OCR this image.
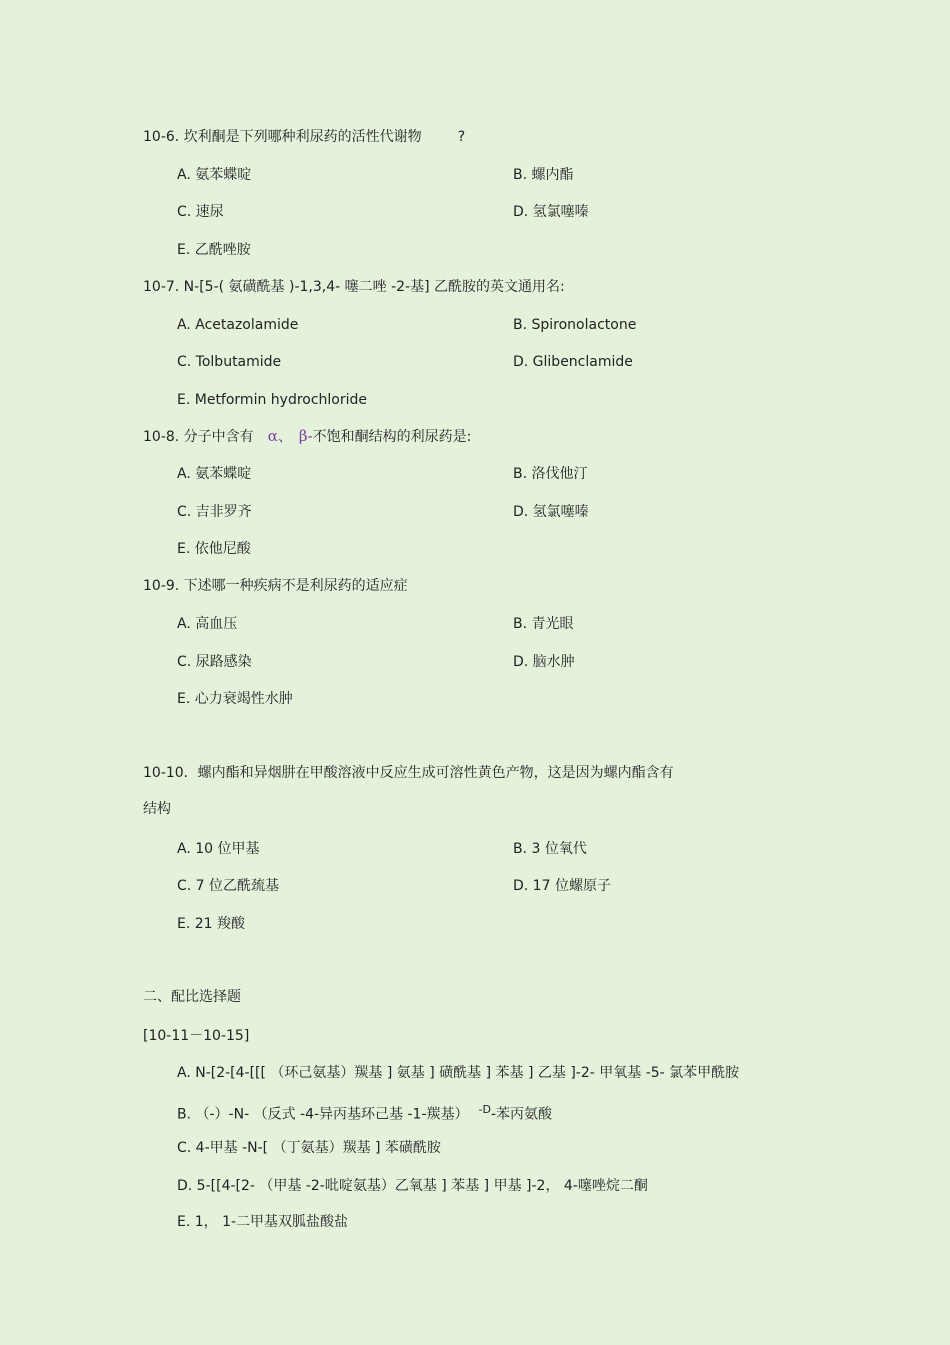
10-6. 坎利酮是下列哪种利尿药的活性代谢物	?
A. 氨苯蝶啶	B. 螺内酯
C. 速尿	D. 氢氯噻嗪
E. 乙酰唑胺
10-7. N-[5-( 氨磺酰基 )-1,3,4- 噻二唑 -2-基] 乙酰胺的英文通用名:
A. Acetazolamide	B. Spironolactone
C. Tolbutamide	D. Glibenclamide
E. Metformin hydrochloride
10-8. 分子中含有 α、 β-不饱和酮结构的利尿药是:
A. 氨苯蝶啶	B. 洛伐他汀
C. 吉非罗齐	D. 氢氯噻嗪
E. 依他尼酸
10-9. 下述哪一种疾病不是利尿药的适应症
A. 高血压	B. 青光眼
C. 尿路感染	D. 脑水肿
E. 心力衰竭性水肿
10-10．螺内酯和异烟肼在甲酸溶液中反应生成可溶性黄色产物，这是因为螺内酯含有
结构
A. 10 位甲基	B. 3 位氧代
C. 7 位乙酰巯基	D. 17 位螺原子
E. 21 羧酸
二、配比选择题
[10-11－10-15]
A. N-[2-[4-[[[ （环己氨基）羰基 ] 氨基 ] 磺酰基 ] 苯基 ] 乙基 ]-2- 甲氧基 -5- 氯苯甲酰胺
B. （-）-N- （反式 -4-异丙基环己基 -1-羰基） $^{-D}$-苯丙氨酸
C. 4-甲基 -N-[ （丁氨基）羰基 ] 苯磺酰胺
D. 5-[[4-[2- （甲基 -2-吡啶氨基）乙氧基 ] 苯基 ] 甲基 ]-2， 4-噻唑烷二酮
E. 1， 1-二甲基双胍盐酸盐
